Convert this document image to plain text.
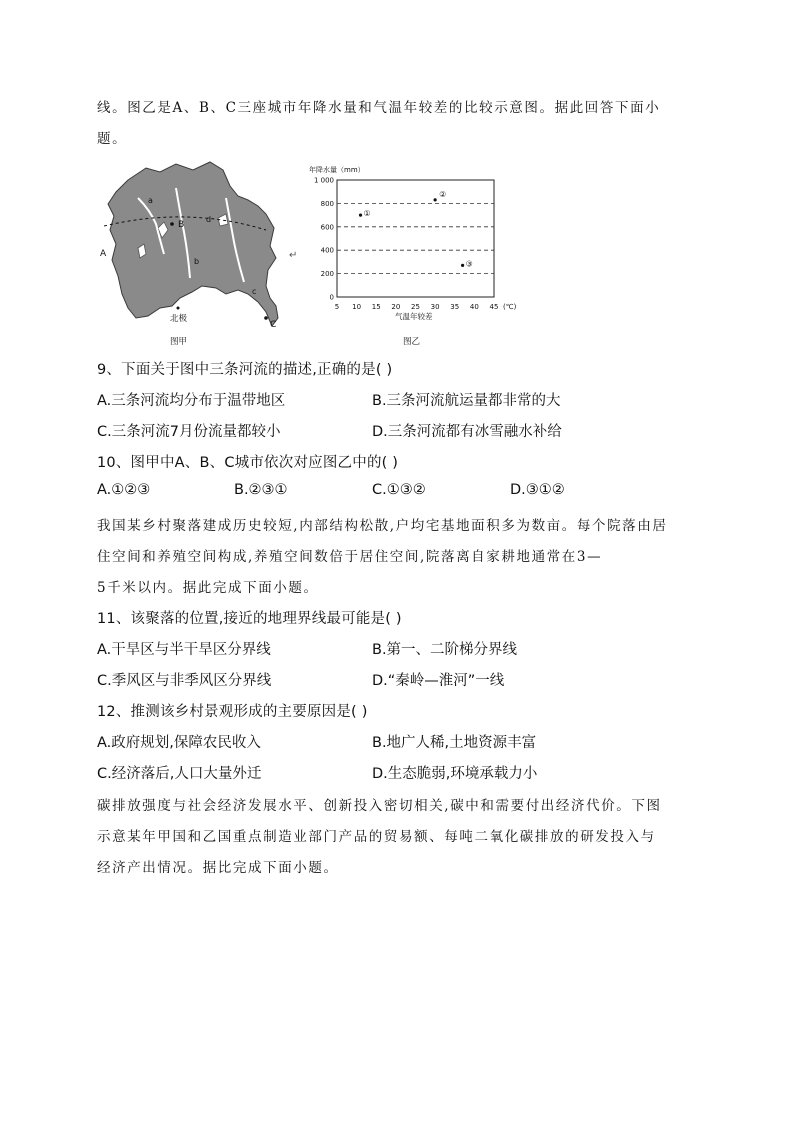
线。图乙是A、B、C三座城市年降水量和气温年较差的比较示意图。据此回答下面小
题。
A
B
C
a
b
c
d
北极
图甲
年降水量（mm）
1 000
800
600
400
200
0
5 10 15 20 25 30 35 40 45
①
②
③
(℃)
气温年较差
图乙
↵
9、下面关于图中三条河流的描述,正确的是( )
A.三条河流均分布于温带地区	B.三条河流航运量都非常的大
C.三条河流7月份流量都较小	D.三条河流都有冰雪融水补给
10、图甲中A、B、C城市依次对应图乙中的( )
A.①②③	B.②③①	C.①③②	D.③①②
我国某乡村聚落建成历史较短,内部结构松散,户均宅基地面积多为数亩。每个院落由居
住空间和养殖空间构成,养殖空间数倍于居住空间,院落离自家耕地通常在3—
5千米以内。据此完成下面小题。
11、该聚落的位置,接近的地理界线最可能是( )
A.干旱区与半干旱区分界线	B.第一、二阶梯分界线
C.季风区与非季风区分界线	D.“秦岭—淮河”一线
12、推测该乡村景观形成的主要原因是( )
A.政府规划,保障农民收入	B.地广人稀,土地资源丰富
C.经济落后,人口大量外迁	D.生态脆弱,环境承载力小
碳排放强度与社会经济发展水平、创新投入密切相关,碳中和需要付出经济代价。下图
示意某年甲国和乙国重点制造业部门产品的贸易额、每吨二氧化碳排放的研发投入与
经济产出情况。据比完成下面小题。
